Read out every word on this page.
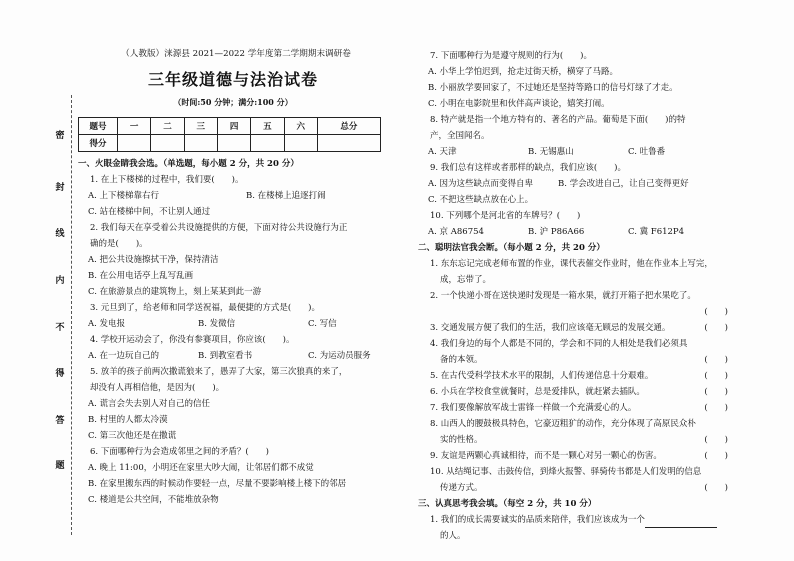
密
封
线
内
不
得
答
题
（人教版）涞源县 2021—2022 学年度第二学期期末调研卷
三年级道德与法治试卷
（时间:50 分钟；满分:100 分）
题号	一	二	三	四	五	六	总分
得分							
一、火眼金睛我会选。（单选题，每小题 2 分，共 20 分）
1. 在上下楼梯的过程中，我们要(　　)。
A. 上下楼梯靠右行	B. 在楼梯上追逐打闹
C. 站在楼梯中间，不让别人通过
2. 我们每天在享受着公共设施提供的方便，下面对待公共设施行为正
确的是(　　)。
A. 把公共设施擦拭干净，保持清洁
B. 在公用电话亭上乱写乱画
C. 在旅游景点的建筑物上，刻上某某到此一游
3. 元旦到了，给老师和同学送祝福，最便捷的方式是(　　)。
A. 发电报	B. 发微信	C. 写信
4. 学校开运动会了，你没有参赛项目，你应该(　　)。
A. 在一边玩自己的	B. 到教室看书	C. 为运动员服务
5. 放羊的孩子前两次撒谎狼来了，愚弄了大家，第三次狼真的来了，
却没有人再相信他，是因为(　　)。
A. 谎言会失去别人对自己的信任
B. 村里的人都太冷漠
C. 第三次他还是在撒谎
6. 下面哪种行为会造成邻里之间的矛盾？(　　)
A. 晚上 11:00，小明还在家里大吵大闹，让邻居们都不成觉
B. 在家里搬东西的时候动作要轻一点，尽量不要影响楼上楼下的邻居
C. 楼道是公共空间，不能堆放杂物
7. 下面哪种行为是遵守规则的行为(　　)。
A. 小华上学怕迟到，抢走过街天桥，横穿了马路。
B. 小丽放学要回家了，不过她还是坚持等路口的信号灯绿了才走。
C. 小明在电影院里和伙伴高声谈论，嬉笑打闹。
8. 特产就是指一个地方特有的、著名的产品。葡萄是下面(　　)的特
产，全国闻名。
A. 天津	B. 无锡惠山	C. 吐鲁番
9. 我们总有这样或者那样的缺点，我们应该(　　)。
A. 因为这些缺点而变得自卑	B. 学会改进自己，让自己变得更好
C. 不把这些缺点放在心上。
10. 下列哪个是河北省的车牌号？(　　)
A. 京 A86754	B. 沪 P86A66	C. 冀 F612P4
二、聪明法官我会断。（每小题 2 分，共 20 分）
1. 东东忘记完成老师布置的作业，课代表催交作业时，他在作业本上写完，
成，忘带了。
2. 一个快递小哥在送快递时发现是一箱水果，就打开箱子把水果吃了。
(　　)

3. 交通发展方便了我们的生活，我们应该毫无顾忌的发展交通。	(　　)
4. 我们身边的每个人都是不同的，学会和不同的人相处是我们必须具
备的本领。	(　　)
5. 在古代受科学技术水平的限制，人们传递信息十分艰难。	(　　)
6. 小兵在学校食堂就餐时，总是爱排队，就赶紧去插队。	(　　)
7. 我们要像解放军战士雷锋一样做一个充满爱心的人。	(　　)
8. 山西人的腰鼓极具特色，它豪迈粗犷的动作，充分体现了高原民众朴
实的性格。	(　　)
9. 友谊是两颗心真诚相待，而不是一颗心对另一颗心的伤害。	(　　)
10. 从结绳记事、击鼓传信，到烽火报警、驿骑传书都是人们发明的信息
传递方式。	(　　)
三、认真思考我会填。（每空 2 分，共 10 分）
1. 我们的成长需要诚实的品质来陪伴，我们应该成为一个
的人。
